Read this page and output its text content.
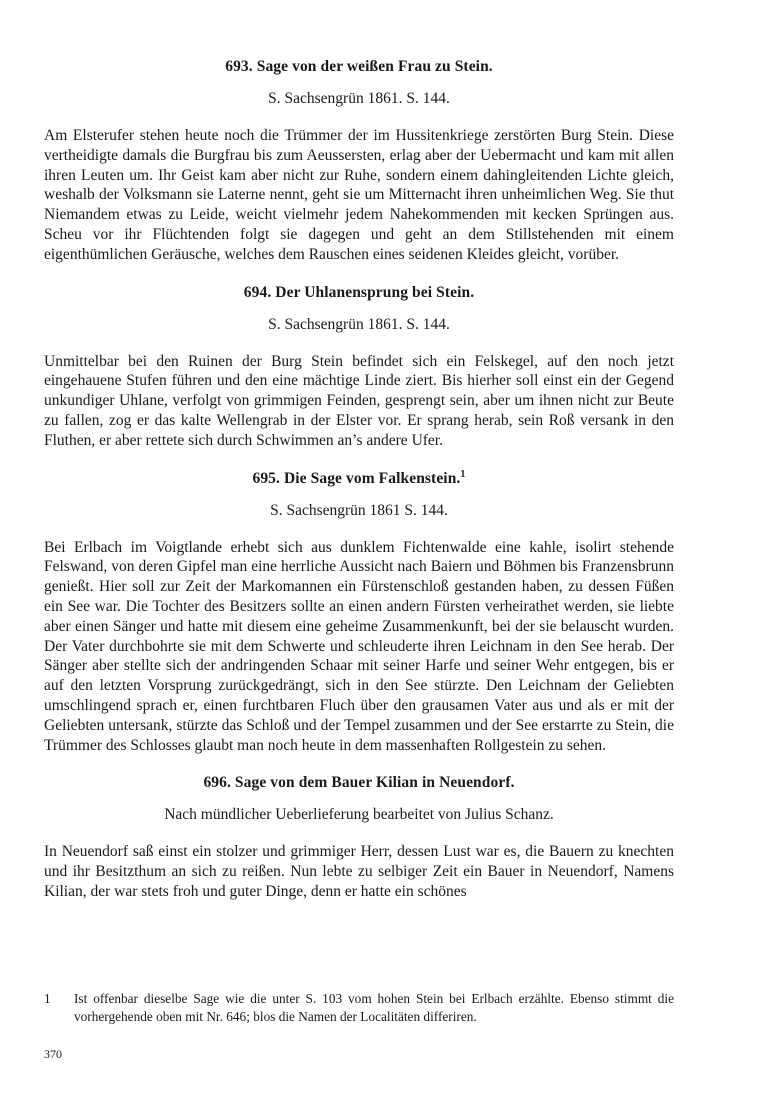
693. Sage von der weißen Frau zu Stein.

S. Sachsengrün 1861. S. 144.

Am Elsterufer stehen heute noch die Trümmer der im Hussitenkriege zerstörten Burg Stein. Diese vertheidigte damals die Burgfrau bis zum Aeussersten, erlag aber der Uebermacht und kam mit allen ihren Leuten um. Ihr Geist kam aber nicht zur Ruhe, sondern einem dahingleitenden Lichte gleich, weshalb der Volksmann sie Laterne nennt, geht sie um Mitternacht ihren unheimlichen Weg. Sie thut Niemandem etwas zu Leide, weicht vielmehr jedem Nahekommenden mit kecken Sprüngen aus. Scheu vor ihr Flüchtenden folgt sie dagegen und geht an dem Stillstehenden mit einem eigenthümlichen Geräusche, welches dem Rauschen eines seidenen Kleides gleicht, vorüber.

694. Der Uhlanensprung bei Stein.

S. Sachsengrün 1861. S. 144.

Unmittelbar bei den Ruinen der Burg Stein befindet sich ein Felskegel, auf den noch jetzt eingehauene Stufen führen und den eine mächtige Linde ziert. Bis hierher soll einst ein der Gegend unkundiger Uhlane, verfolgt von grimmigen Feinden, gesprengt sein, aber um ihnen nicht zur Beute zu fallen, zog er das kalte Wellengrab in der Elster vor. Er sprang herab, sein Roß versank in den Fluthen, er aber rettete sich durch Schwimmen an’s andere Ufer.

695. Die Sage vom Falkenstein.$^1$

S. Sachsengrün 1861 S. 144.

Bei Erlbach im Voigtlande erhebt sich aus dunklem Fichtenwalde eine kahle, isolirt stehende Felswand, von deren Gipfel man eine herrliche Aussicht nach Baiern und Böhmen bis Franzensbrunn genießt. Hier soll zur Zeit der Markomannen ein Fürstenschloß gestanden haben, zu dessen Füßen ein See war. Die Tochter des Besitzers sollte an einen andern Fürsten verheirathet werden, sie liebte aber einen Sänger und hatte mit diesem eine geheime Zusammenkunft, bei der sie belauscht wurden. Der Vater durchbohrte sie mit dem Schwerte und schleuderte ihren Leichnam in den See herab. Der Sänger aber stellte sich der andringenden Schaar mit seiner Harfe und seiner Wehr entgegen, bis er auf den letzten Vorsprung zurückgedrängt, sich in den See stürzte. Den Leichnam der Geliebten umschlingend sprach er, einen furchtbaren Fluch über den grausamen Vater aus und als er mit der Geliebten untersank, stürzte das Schloß und der Tempel zusammen und der See erstarrte zu Stein, die Trümmer des Schlosses glaubt man noch heute in dem massenhaften Rollgestein zu sehen.

696. Sage von dem Bauer Kilian in Neuendorf.

Nach mündlicher Ueberlieferung bearbeitet von Julius Schanz.

In Neuendorf saß einst ein stolzer und grimmiger Herr, dessen Lust war es, die Bauern zu knechten und ihr Besitzthum an sich zu reißen. Nun lebte zu selbiger Zeit ein Bauer in Neuendorf, Namens Kilian, der war stets froh und guter Dinge, denn er hatte ein schönes

1	Ist offenbar dieselbe Sage wie die unter S. 103 vom hohen Stein bei Erlbach erzählte. Ebenso stimmt die vorhergehende oben mit Nr. 646; blos die Namen der Localitäten differiren.
370
